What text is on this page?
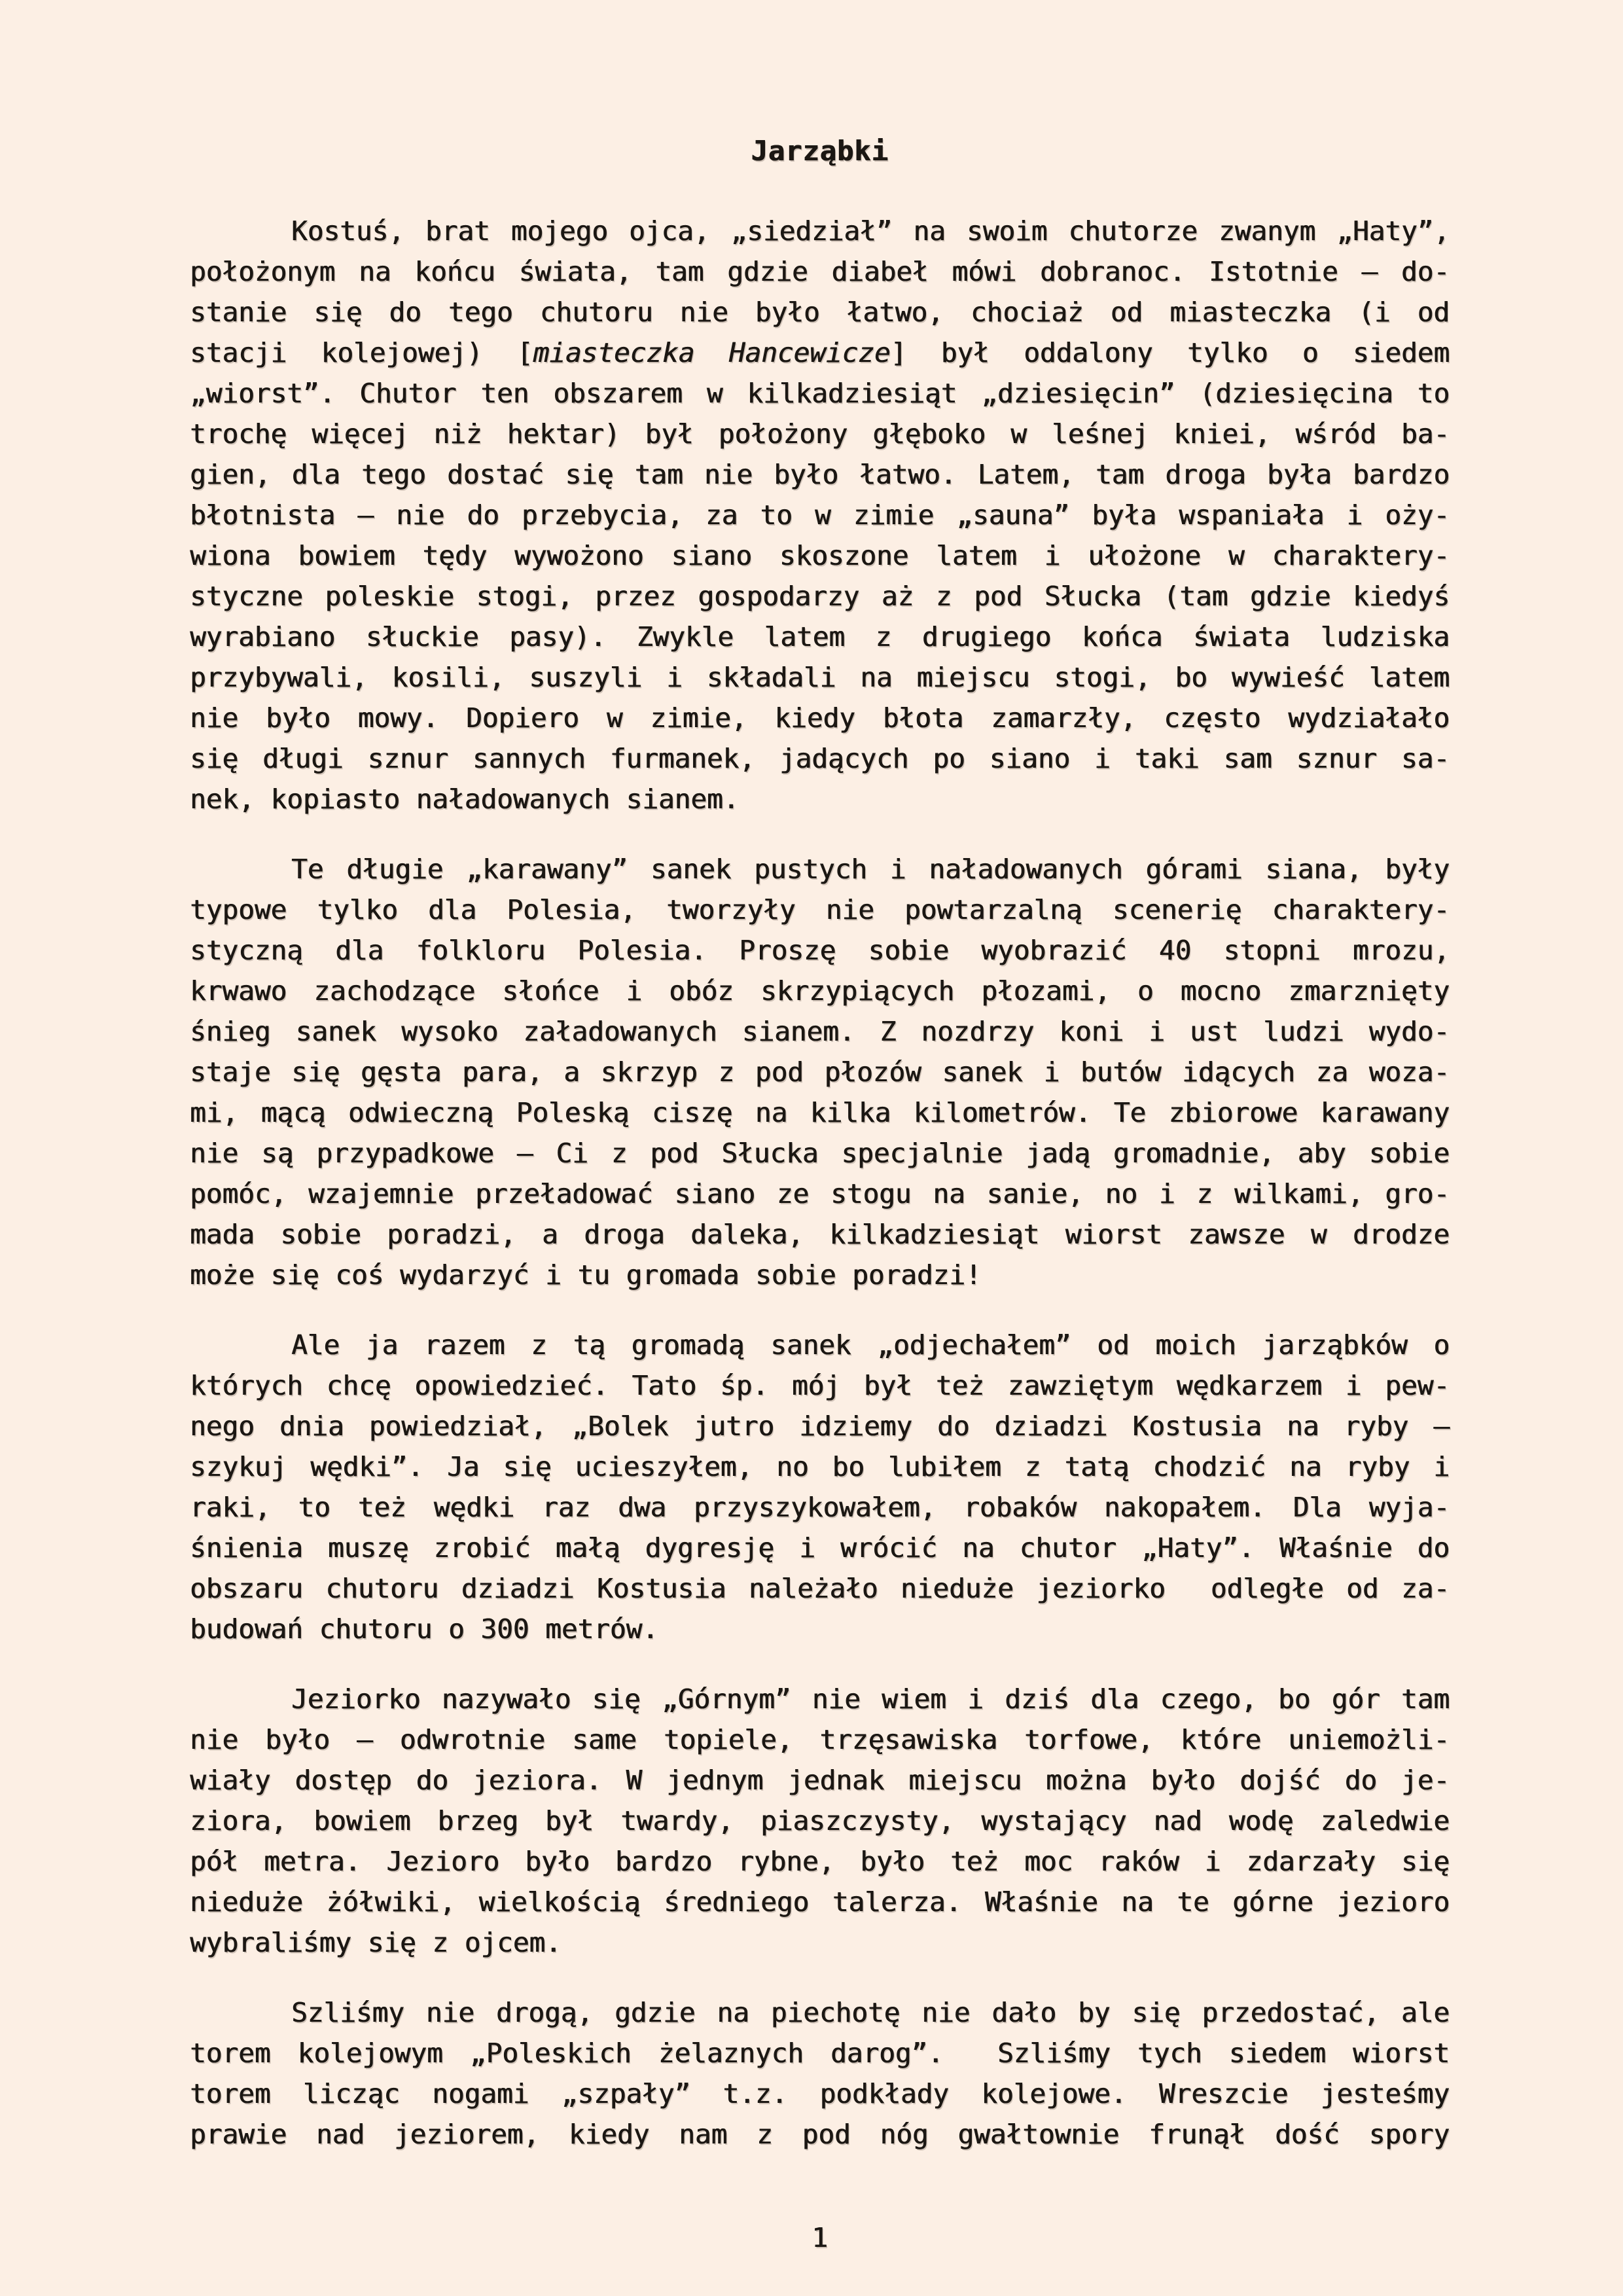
Jarząbki
Kostuś, brat mojego ojca, „siedział” na swoim chutorze zwanym „Haty”,
położonym na końcu świata, tam gdzie diabeł mówi dobranoc. Istotnie – do-
stanie się do tego chutoru nie było łatwo, chociaż od miasteczka (i od
stacji kolejowej) [miasteczka Hancewicze] był oddalony tylko o siedem
„wiorst”. Chutor ten obszarem w kilkadziesiąt „dziesięcin” (dziesięcina to
trochę więcej niż hektar) był położony głęboko w leśnej kniei, wśród ba-
gien, dla tego dostać się tam nie było łatwo. Latem, tam droga była bardzo
błotnista – nie do przebycia, za to w zimie „sauna” była wspaniała i oży-
wiona bowiem tędy wywożono siano skoszone latem i ułożone w charaktery-
styczne poleskie stogi, przez gospodarzy aż z pod Słucka (tam gdzie kiedyś
wyrabiano słuckie pasy). Zwykle latem z drugiego końca świata ludziska
przybywali, kosili, suszyli i składali na miejscu stogi, bo wywieść latem
nie było mowy. Dopiero w zimie, kiedy błota zamarzły, często wydziałało
się długi sznur sannych furmanek, jadących po siano i taki sam sznur sa-
nek, kopiasto naładowanych sianem.
Te długie „karawany” sanek pustych i naładowanych górami siana, były
typowe tylko dla Polesia, tworzyły nie powtarzalną scenerię charaktery-
styczną dla folkloru Polesia. Proszę sobie wyobrazić 40 stopni mrozu,
krwawo zachodzące słońce i obóz skrzypiących płozami, o mocno zmarznięty
śnieg sanek wysoko załadowanych sianem. Z nozdrzy koni i ust ludzi wydo-
staje się gęsta para, a skrzyp z pod płozów sanek i butów idących za woza-
mi, mącą odwieczną Poleską ciszę na kilka kilometrów. Te zbiorowe karawany
nie są przypadkowe – Ci z pod Słucka specjalnie jadą gromadnie, aby sobie
pomóc, wzajemnie przeładować siano ze stogu na sanie, no i z wilkami, gro-
mada sobie poradzi, a droga daleka, kilkadziesiąt wiorst zawsze w drodze
może się coś wydarzyć i tu gromada sobie poradzi!
Ale ja razem z tą gromadą sanek „odjechałem” od moich jarząbków o
których chcę opowiedzieć. Tato śp. mój był też zawziętym wędkarzem i pew-
nego dnia powiedział, „Bolek jutro idziemy do dziadzi Kostusia na ryby –
szykuj wędki”. Ja się ucieszyłem, no bo lubiłem z tatą chodzić na ryby i
raki, to też wędki raz dwa przyszykowałem, robaków nakopałem. Dla wyja-
śnienia muszę zrobić małą dygresję i wrócić na chutor „Haty”. Właśnie do
obszaru chutoru dziadzi Kostusia należało nieduże jeziorko  odległe od za-
budowań chutoru o 300 metrów.
Jeziorko nazywało się „Górnym” nie wiem i dziś dla czego, bo gór tam
nie było – odwrotnie same topiele, trzęsawiska torfowe, które uniemożli-
wiały dostęp do jeziora. W jednym jednak miejscu można było dojść do je-
ziora, bowiem brzeg był twardy, piaszczysty, wystający nad wodę zaledwie
pół metra. Jezioro było bardzo rybne, było też moc raków i zdarzały się
nieduże żółwiki, wielkością średniego talerza. Właśnie na te górne jezioro
wybraliśmy się z ojcem.
Szliśmy nie drogą, gdzie na piechotę nie dało by się przedostać, ale
torem kolejowym „Poleskich żelaznych darog”.  Szliśmy tych siedem wiorst
torem licząc nogami „szpały” t.z. podkłady kolejowe. Wreszcie jesteśmy
prawie nad jeziorem, kiedy nam z pod nóg gwałtownie frunął dość spory
1
